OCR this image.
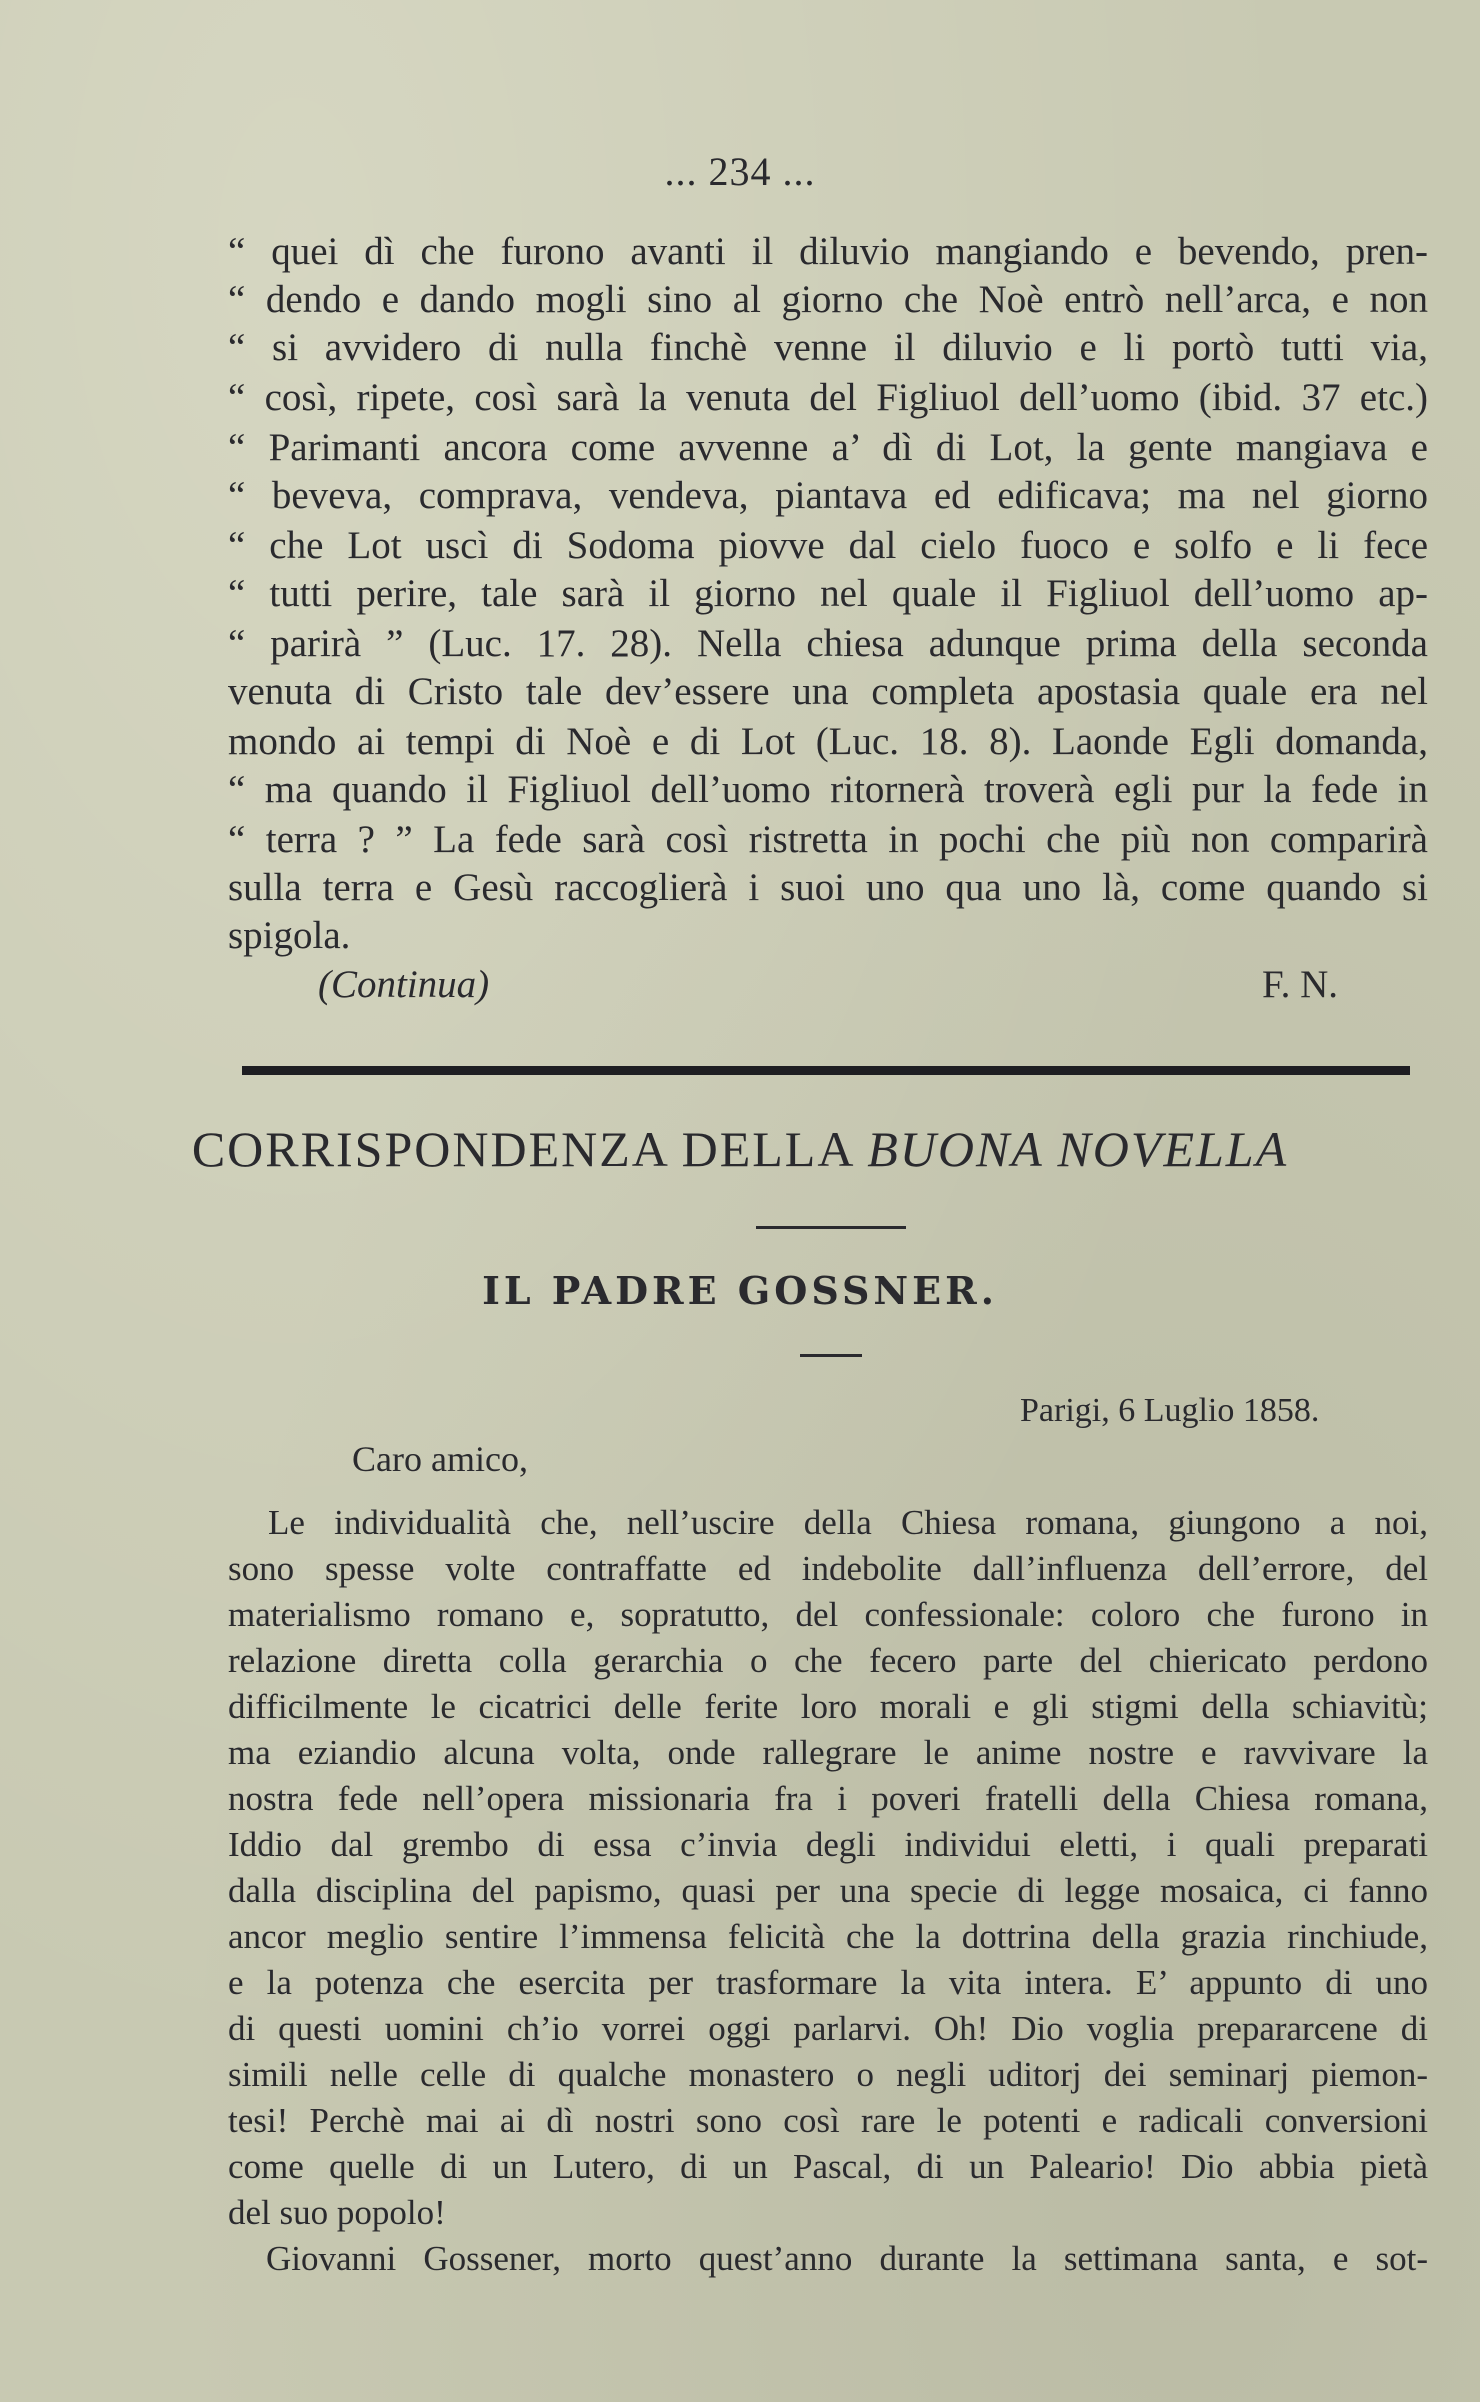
... 234 ...
“ quei dì che furono avanti il diluvio mangiando e bevendo, pren-
“ dendo e dando mogli sino al giorno che Noè entrò nell’arca, e non
“ si avvidero di nulla finchè venne il diluvio e li portò tutti via,
“ così, ripete, così sarà la venuta del Figliuol dell’uomo (ibid. 37 etc.)
“ Parimanti ancora come avvenne a’ dì di Lot, la gente mangiava e
“ beveva, comprava, vendeva, piantava ed edificava; ma nel giorno
“ che Lot uscì di Sodoma piovve dal cielo fuoco e solfo e li fece
“ tutti perire, tale sarà il giorno nel quale il Figliuol dell’uomo ap-
“ parirà ” (Luc. 17. 28). Nella chiesa adunque prima della seconda
venuta di Cristo tale dev’essere una completa apostasia quale era nel
mondo ai tempi di Noè e di Lot (Luc. 18. 8). Laonde Egli domanda,
“ ma quando il Figliuol dell’uomo ritornerà troverà egli pur la fede in
“ terra ? ” La fede sarà così ristretta in pochi che più non comparirà
sulla terra e Gesù raccoglierà i suoi uno qua uno là, come quando si
spigola.
(Continua)	F. N.
CORRISPONDENZA DELLA BUONA NOVELLA
IL PADRE GOSSNER.
Parigi, 6 Luglio 1858.
Caro amico,
Le individualità che, nell’uscire della Chiesa romana, giungono a noi,
sono spesse volte contraffatte ed indebolite dall’influenza dell’errore, del
materialismo romano e, sopratutto, del confessionale: coloro che furono in
relazione diretta colla gerarchia o che fecero parte del chiericato perdono
difficilmente le cicatrici delle ferite loro morali e gli stigmi della schiavitù;
ma eziandio alcuna volta, onde rallegrare le anime nostre e ravvivare la
nostra fede nell’opera missionaria fra i poveri fratelli della Chiesa romana,
Iddio dal grembo di essa c’invia degli individui eletti, i quali preparati
dalla disciplina del papismo, quasi per una specie di legge mosaica, ci fanno
ancor meglio sentire l’immensa felicità che la dottrina della grazia rinchiude,
e la potenza che esercita per trasformare la vita intera. E’ appunto di uno
di questi uomini ch’io vorrei oggi parlarvi. Oh! Dio voglia prepararcene di
simili nelle celle di qualche monastero o negli uditorj dei seminarj piemon-
tesi! Perchè mai ai dì nostri sono così rare le potenti e radicali conversioni
come quelle di un Lutero, di un Pascal, di un Paleario! Dio abbia pietà
del suo popolo!
Giovanni Gossener, morto quest’anno durante la settimana santa, e sot-
